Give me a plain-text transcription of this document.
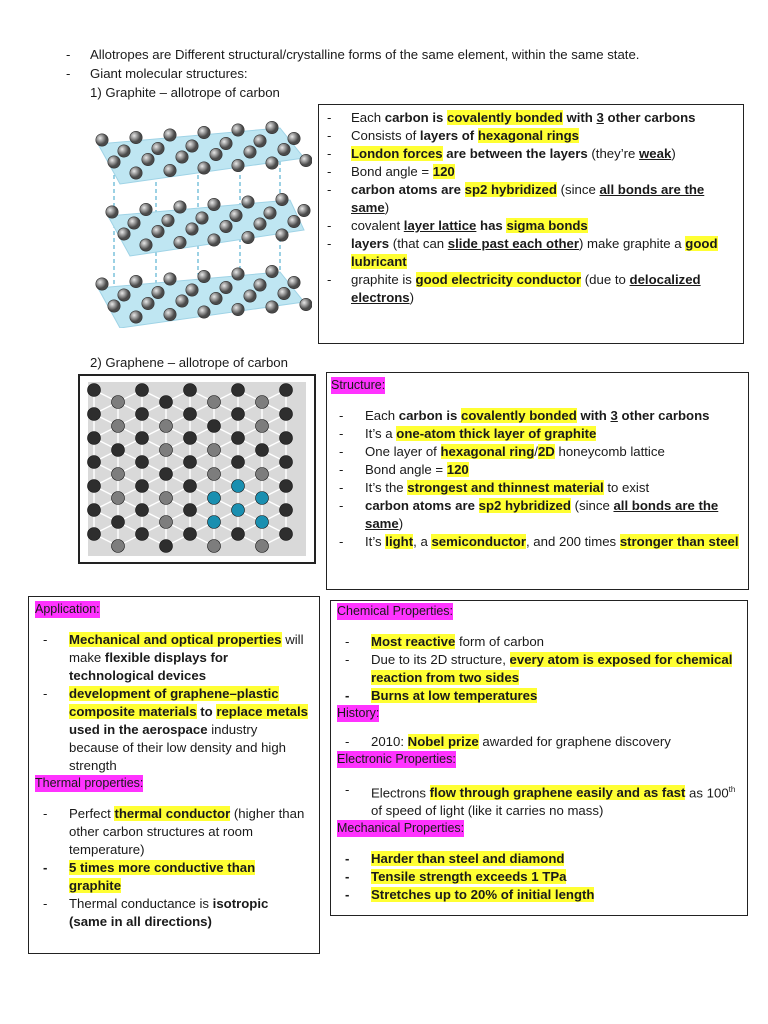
- Allotropes are Different structural/crystalline forms of the same element, within the same state.
- Giant molecular structures:
1) Graphite – allotrope of carbon
- Each carbon is covalently bonded with 3 other carbons
- Consists of layers of hexagonal rings
- London forces are between the layers (they’re weak)
- Bond angle = 120
- carbon atoms are sp2 hybridized (since all bonds are the same)
- covalent layer lattice has sigma bonds
- layers (that can slide past each other) make graphite a good lubricant
- graphite is good electricity conductor (due to delocalized electrons)
2) Graphene – allotrope of carbon
Structure:
- Each carbon is covalently bonded with 3 other carbons
- It’s a one-atom thick layer of graphite
- One layer of hexagonal ring/2D honeycomb lattice
- Bond angle = 120
- It’s the strongest and thinnest material to exist
- carbon atoms are sp2 hybridized (since all bonds are the same)
- It’s light, a semiconductor, and 200 times stronger than steel
Application:
- Mechanical and optical properties will make flexible displays for technological devices
- development of graphene–plastic composite materials to replace metals used in the aerospace industry because of their low density and high strength
Thermal properties:
- Perfect thermal conductor (higher than other carbon structures at room temperature)
- 5 times more conductive than graphite
- Thermal conductance is isotropic (same in all directions)
Chemical Properties:
- Most reactive form of carbon
- Due to its 2D structure, every atom is exposed for chemical reaction from two sides
- Burns at low temperatures
History:
- 2010: Nobel prize awarded for graphene discovery
Electronic Properties:
- Electrons flow through graphene easily and as fast as 100th of speed of light (like it carries no mass)
Mechanical Properties:
- Harder than steel and diamond
- Tensile strength exceeds 1 TPa
- Stretches up to 20% of initial length
